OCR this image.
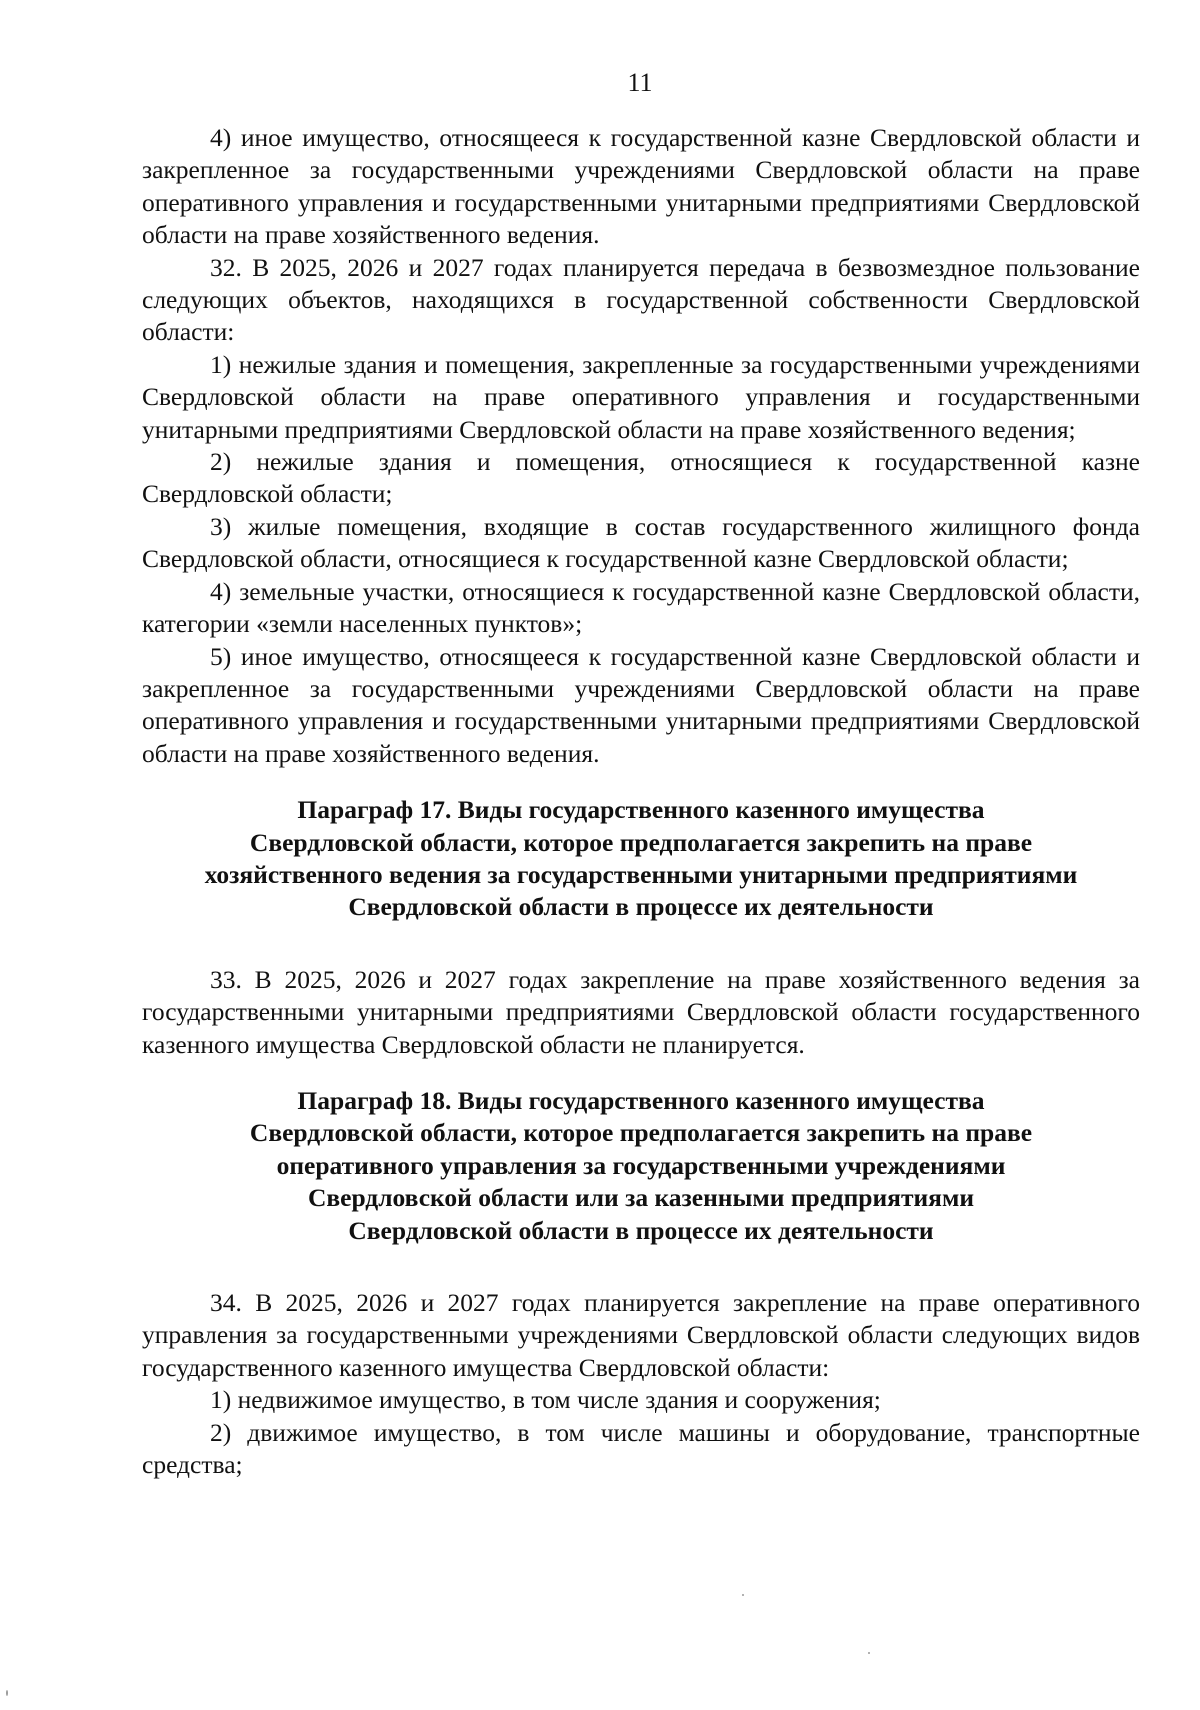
11

4) иное имущество, относящееся к государственной казне Свердловской области и закрепленное за государственными учреждениями Свердловской области на праве оперативного управления и государственными унитарными предприятиями Свердловской области на праве хозяйственного ведения.

32. В 2025, 2026 и 2027 годах планируется передача в безвозмездное пользование следующих объектов, находящихся в государственной собственности Свердловской области:

1) нежилые здания и помещения, закрепленные за государственными учреждениями Свердловской области на праве оперативного управления и государственными унитарными предприятиями Свердловской области на праве хозяйственного ведения;

2) нежилые здания и помещения, относящиеся к государственной казне Свердловской области;

3) жилые помещения, входящие в состав государственного жилищного фонда Свердловской области, относящиеся к государственной казне Свердловской области;

4) земельные участки, относящиеся к государственной казне Свердловской области, категории «земли населенных пунктов»;

5) иное имущество, относящееся к государственной казне Свердловской области и закрепленное за государственными учреждениями Свердловской области на праве оперативного управления и государственными унитарными предприятиями Свердловской области на праве хозяйственного ведения.

Параграф 17. Виды государственного казенного имущества
Свердловской области, которое предполагается закрепить на праве
хозяйственного ведения за государственными унитарными предприятиями
Свердловской области в процессе их деятельности

33. В 2025, 2026 и 2027 годах закрепление на праве хозяйственного ведения за государственными унитарными предприятиями Свердловской области государственного казенного имущества Свердловской области не планируется.

Параграф 18. Виды государственного казенного имущества
Свердловской области, которое предполагается закрепить на праве
оперативного управления за государственными учреждениями
Свердловской области или за казенными предприятиями
Свердловской области в процессе их деятельности

34. В 2025, 2026 и 2027 годах планируется закрепление на праве оперативного управления за государственными учреждениями Свердловской области следующих видов государственного казенного имущества Свердловской области:

1) недвижимое имущество, в том числе здания и сооружения;

2) движимое имущество, в том числе машины и оборудование, транспортные средства;
